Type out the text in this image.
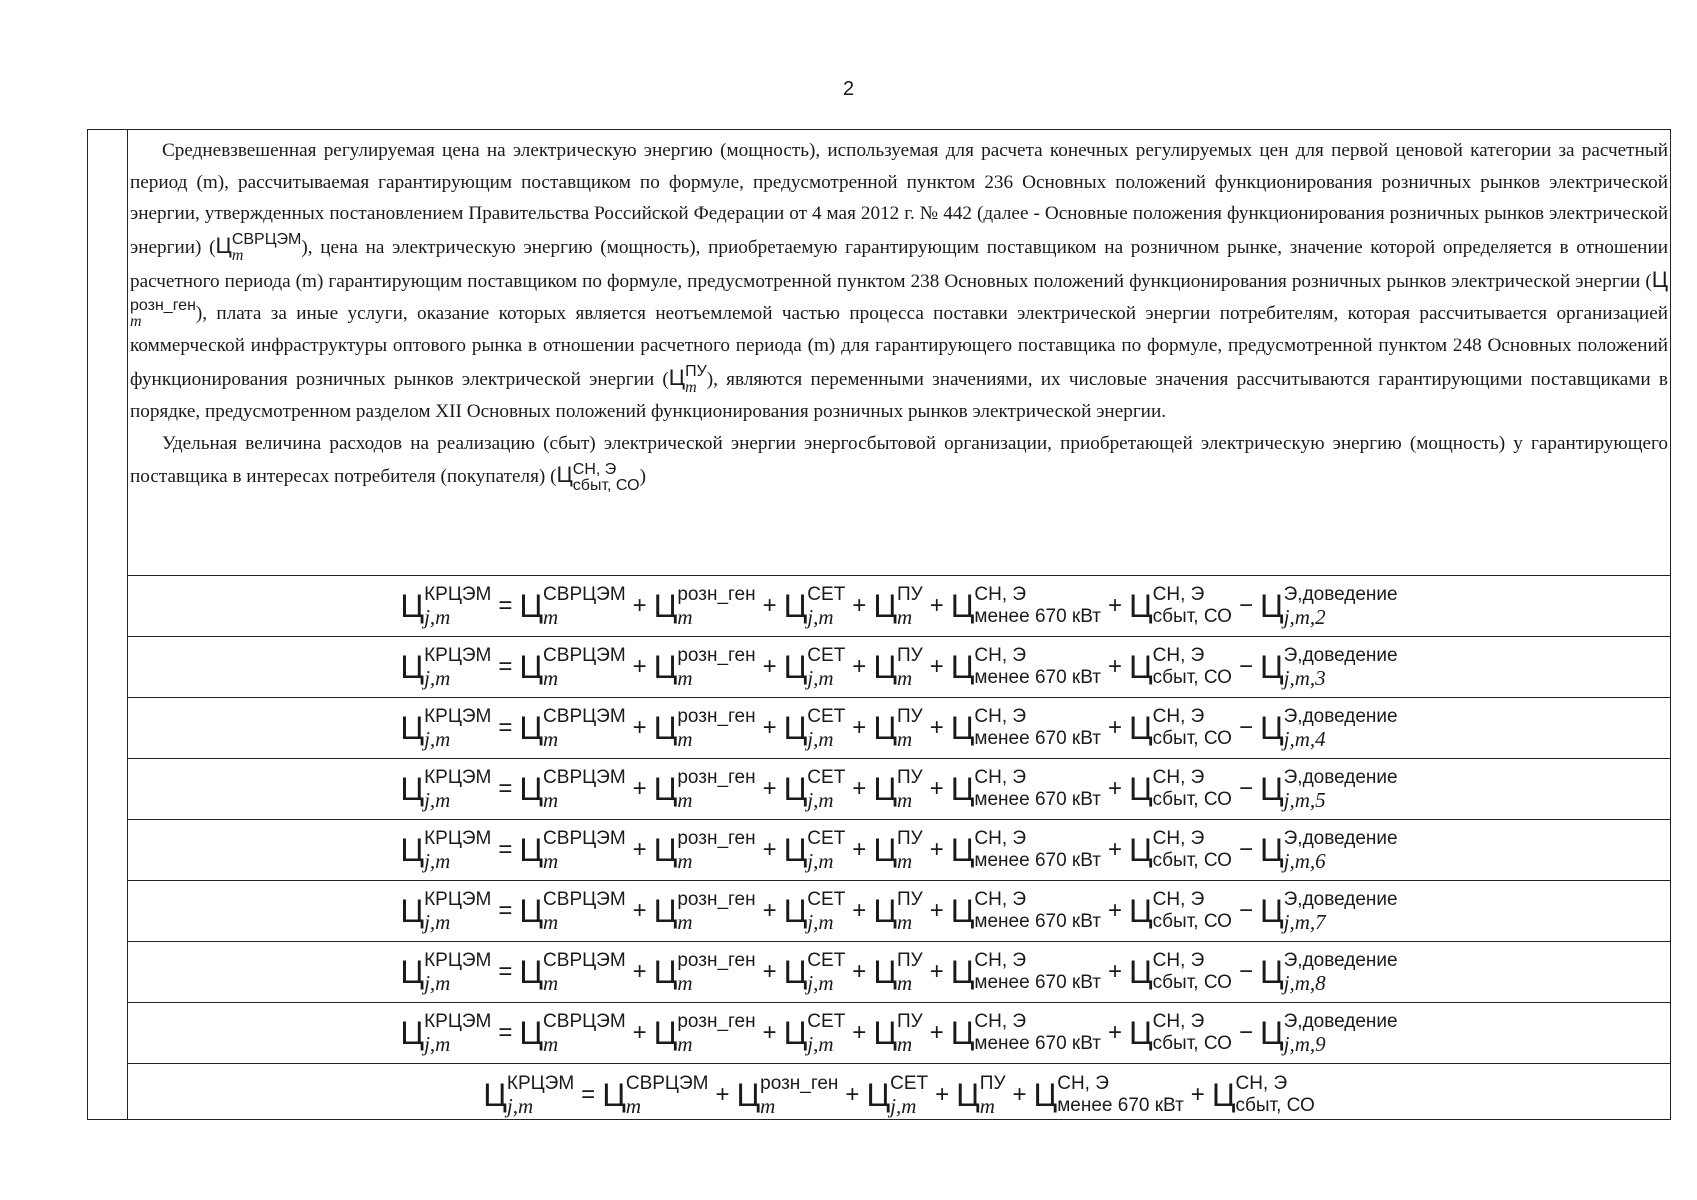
2

Средневзвешенная регулируемая цена на электрическую энергию (мощность), используемая для расчета конечных регулируемых цен для первой ценовой категории за расчетный период (m), рассчитываемая гарантирующим поставщиком по формуле, предусмотренной пунктом 236 Основных положений функционирования розничных рынков электрической энергии, утвержденных постановлением Правительства Российской Федерации от 4 мая 2012 г. № 442 (далее - Основные положения функционирования розничных рынков электрической энергии) (Ц СВРЦЭМ
m	), цена на электрическую энергию (мощность), приобретаемую гарантирующим поставщиком на розничном рынке, значение которой определяется в отношении расчетного периода (m) гарантирующим поставщиком по формуле, предусмотренной пунктом 238 Основных положений функционирования розничных рынков электрической энергии (Ц
розн_ген
m	), плата за иные услуги, оказание которых является неотъемлемой частью процесса поставки электрической энергии потребителям, которая рассчитывается организацией коммерческой инфраструктуры оптового рынка в отношении расчетного периода (m) для гарантирующего поставщика по формуле, предусмотренной пунктом 248 Основных положений функционирования розничных рынков электрической энергии (Ц ПУ
m ), являются переменными значениями, их числовые значения рассчитываются гарантирующими поставщиками в порядке, предусмотренном разделом XII Основных положений функционирования розничных рынков электрической энергии.

Удельная величина расходов на реализацию (сбыт) электрической энергии энергосбытовой организации, приобретающей электрическую энергию (мощность) у гарантирующего поставщика в интересах потребителя (покупателя) (Ц СН, Э
сбыт, СО )

Ц КРЦЭМ
j,m	= Ц СВРЦЭМ
m	+ Ц розн_ген
m	+ Ц СЕТ
j,m + Ц ПУ
m + Ц СН, Э
менее 670 кВт + Ц СН, Э
сбыт, СО − Ц Э,доведение
j,m,2
Ц КРЦЭМ
j,m	= Ц СВРЦЭМ
m	+ Ц розн_ген
m	+ Ц СЕТ
j,m + Ц ПУ
m + Ц СН, Э
менее 670 кВт + Ц СН, Э
сбыт, СО − Ц Э,доведение
j,m,3
Ц КРЦЭМ
j,m	= Ц СВРЦЭМ
m	+ Ц розн_ген
m	+ Ц СЕТ
j,m + Ц ПУ
m + Ц СН, Э
менее 670 кВт + Ц СН, Э
сбыт, СО − Ц Э,доведение
j,m,4
Ц КРЦЭМ
j,m	= Ц СВРЦЭМ
m	+ Ц розн_ген
m	+ Ц СЕТ
j,m + Ц ПУ
m + Ц СН, Э
менее 670 кВт + Ц СН, Э
сбыт, СО − Ц Э,доведение
j,m,5
Ц КРЦЭМ
j,m	= Ц СВРЦЭМ
m	+ Ц розн_ген
m	+ Ц СЕТ
j,m + Ц ПУ
m + Ц СН, Э
менее 670 кВт + Ц СН, Э
сбыт, СО − Ц Э,доведение
j,m,6
Ц КРЦЭМ
j,m	= Ц СВРЦЭМ
m	+ Ц розн_ген
m	+ Ц СЕТ
j,m + Ц ПУ
m + Ц СН, Э
менее 670 кВт + Ц СН, Э
сбыт, СО − Ц Э,доведение
j,m,7
Ц КРЦЭМ
j,m	= Ц СВРЦЭМ
m	+ Ц розн_ген
m	+ Ц СЕТ
j,m + Ц ПУ
m + Ц СН, Э
менее 670 кВт + Ц СН, Э
сбыт, СО − Ц Э,доведение
j,m,8
Ц КРЦЭМ
j,m	= Ц СВРЦЭМ
m	+ Ц розн_ген
m	+ Ц СЕТ
j,m + Ц ПУ
m + Ц СН, Э
менее 670 кВт + Ц СН, Э
сбыт, СО − Ц Э,доведение
j,m,9
Ц КРЦЭМ
j,m	= Ц СВРЦЭМ
m	+ Ц розн_ген
m	+ Ц СЕТ
j,m + Ц ПУ
m + Ц СН, Э
менее 670 кВт + Ц СН, Э
сбыт, СО
